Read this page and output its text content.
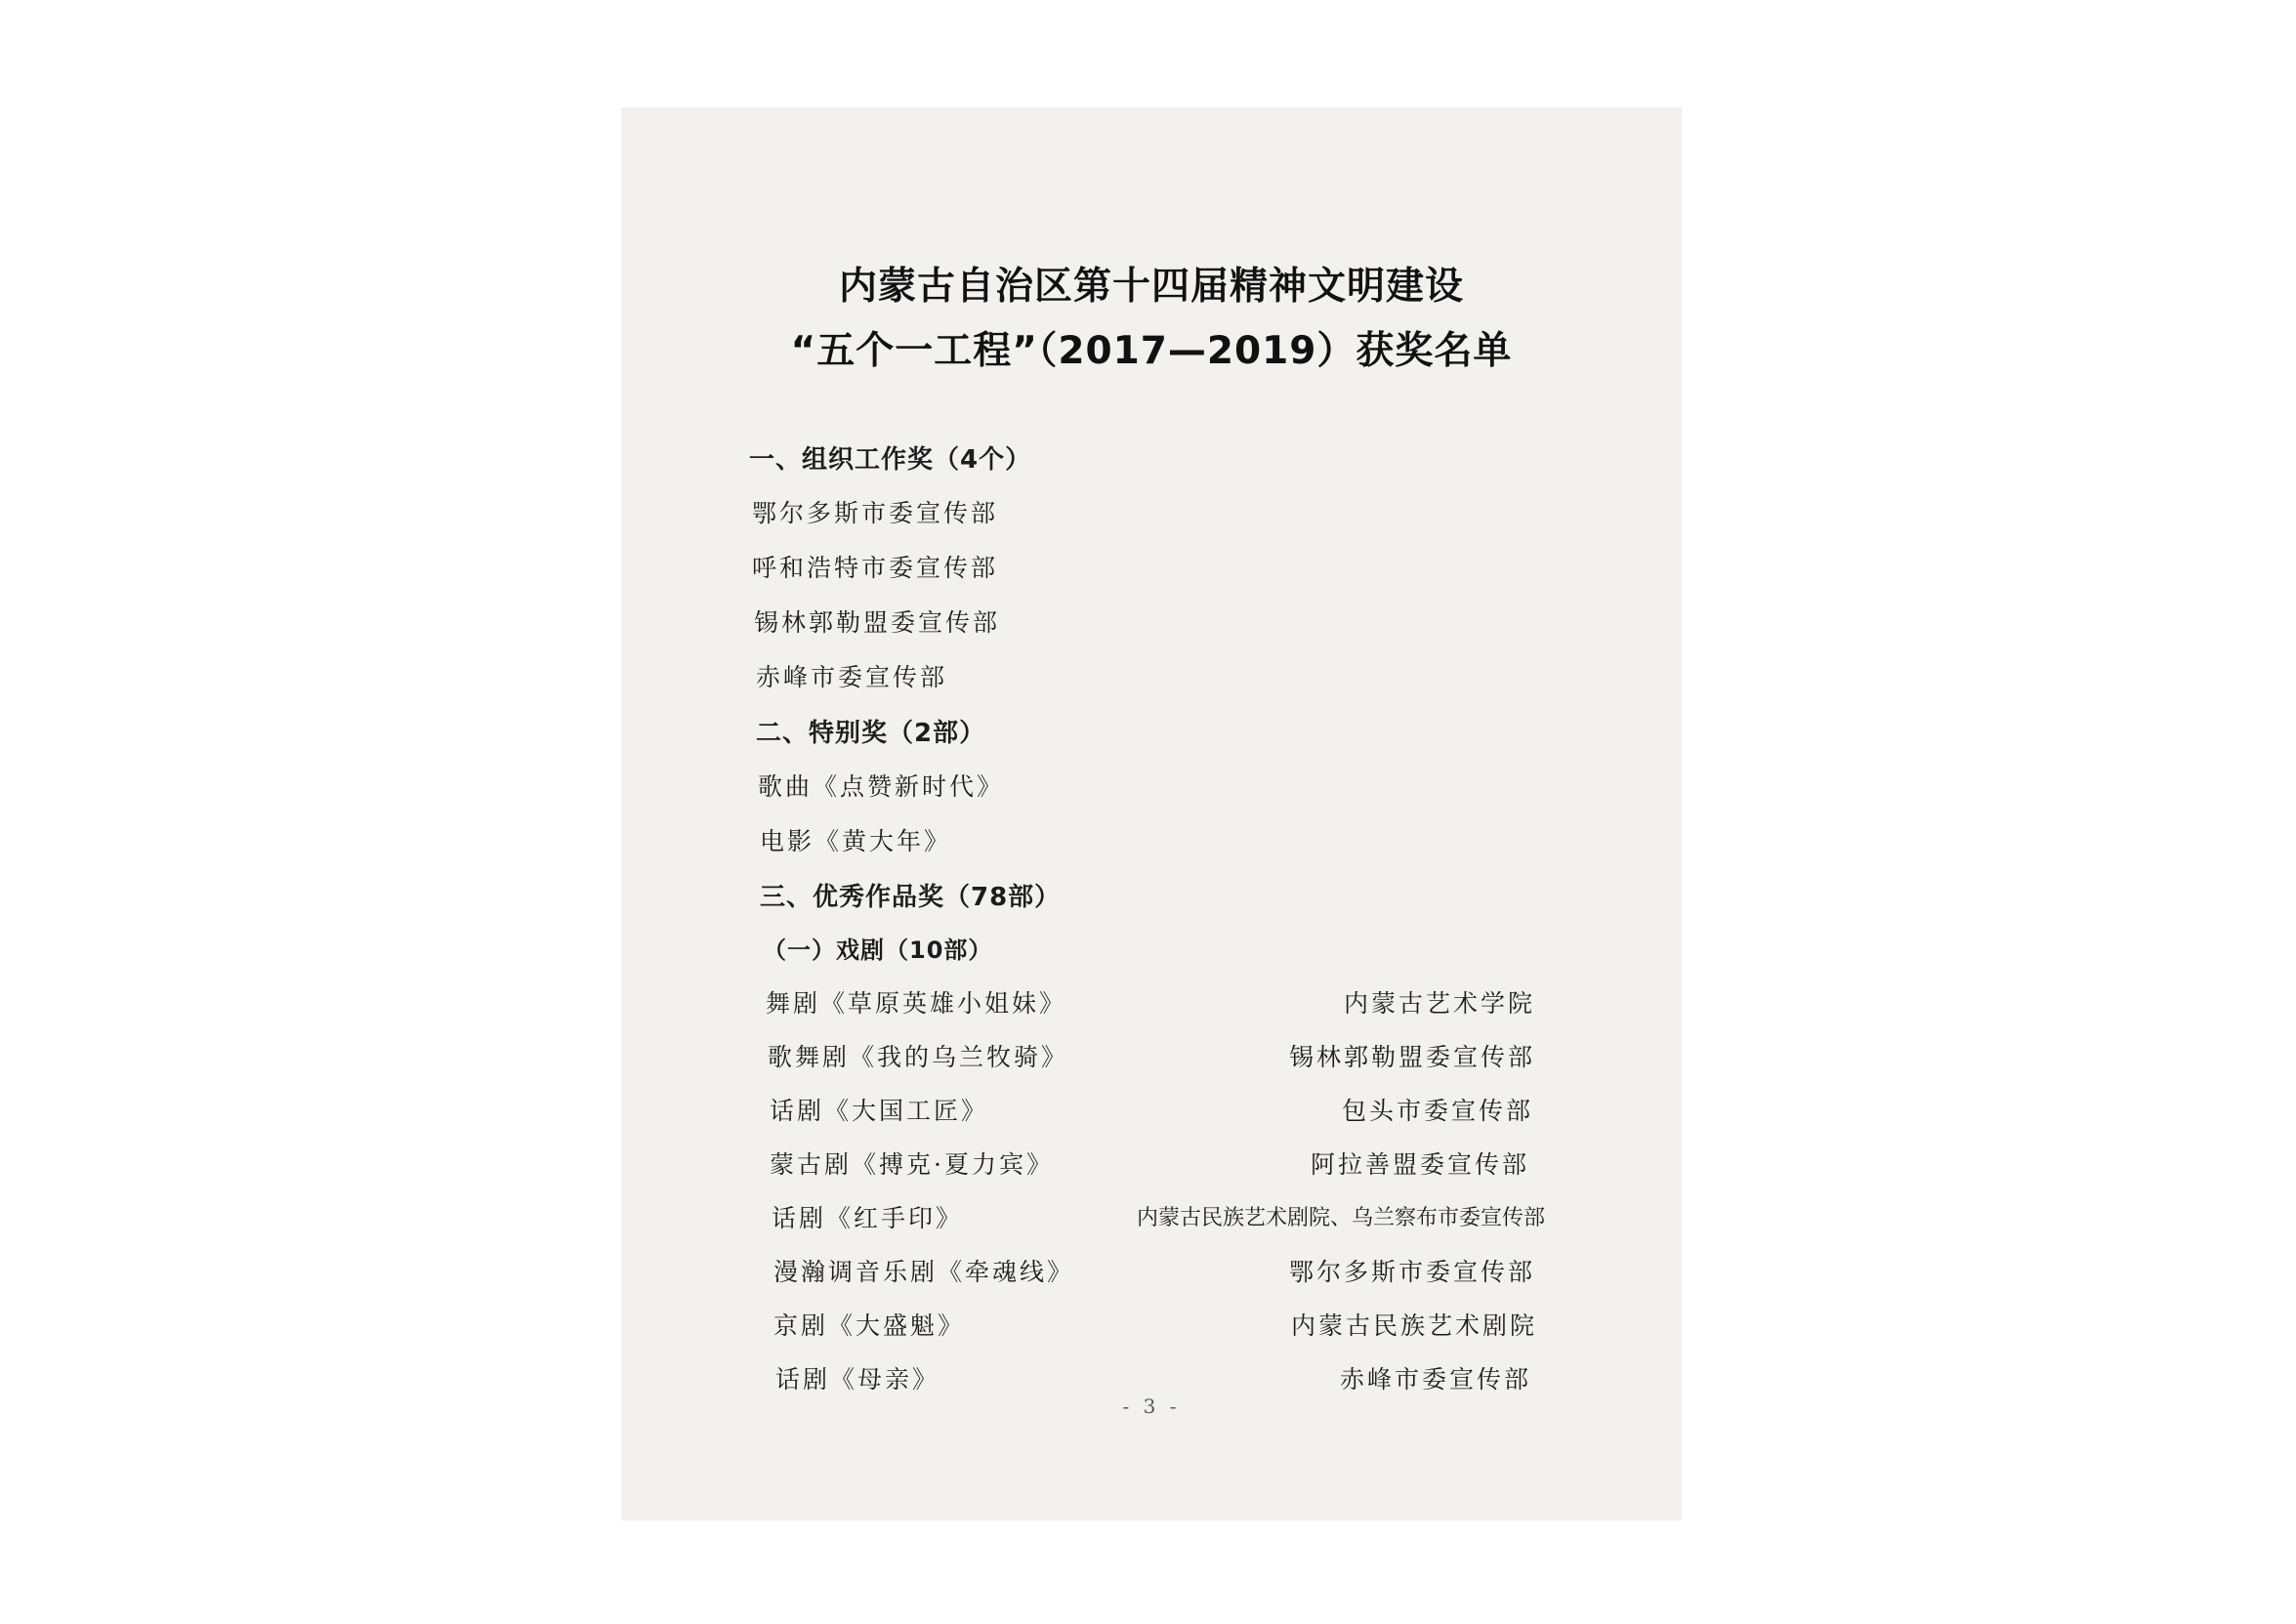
内蒙古自治区第十四届精神文明建设
“五个一工程”（2017—2019）获奖名单
一、组织工作奖（4个）
鄂尔多斯市委宣传部
呼和浩特市委宣传部
锡林郭勒盟委宣传部
赤峰市委宣传部
二、特别奖（2部）
歌曲《点赞新时代》
电影《黄大年》
三、优秀作品奖（78部）
（一）戏剧（10部）
舞剧《草原英雄小姐妹》	内蒙古艺术学院
歌舞剧《我的乌兰牧骑》	锡林郭勒盟委宣传部
话剧《大国工匠》	包头市委宣传部
蒙古剧《搏克·夏力宾》	阿拉善盟委宣传部
话剧《红手印》	内蒙古民族艺术剧院、乌兰察布市委宣传部
漫瀚调音乐剧《牵魂线》	鄂尔多斯市委宣传部
京剧《大盛魁》	内蒙古民族艺术剧院
话剧《母亲》	赤峰市委宣传部
- 3 -
